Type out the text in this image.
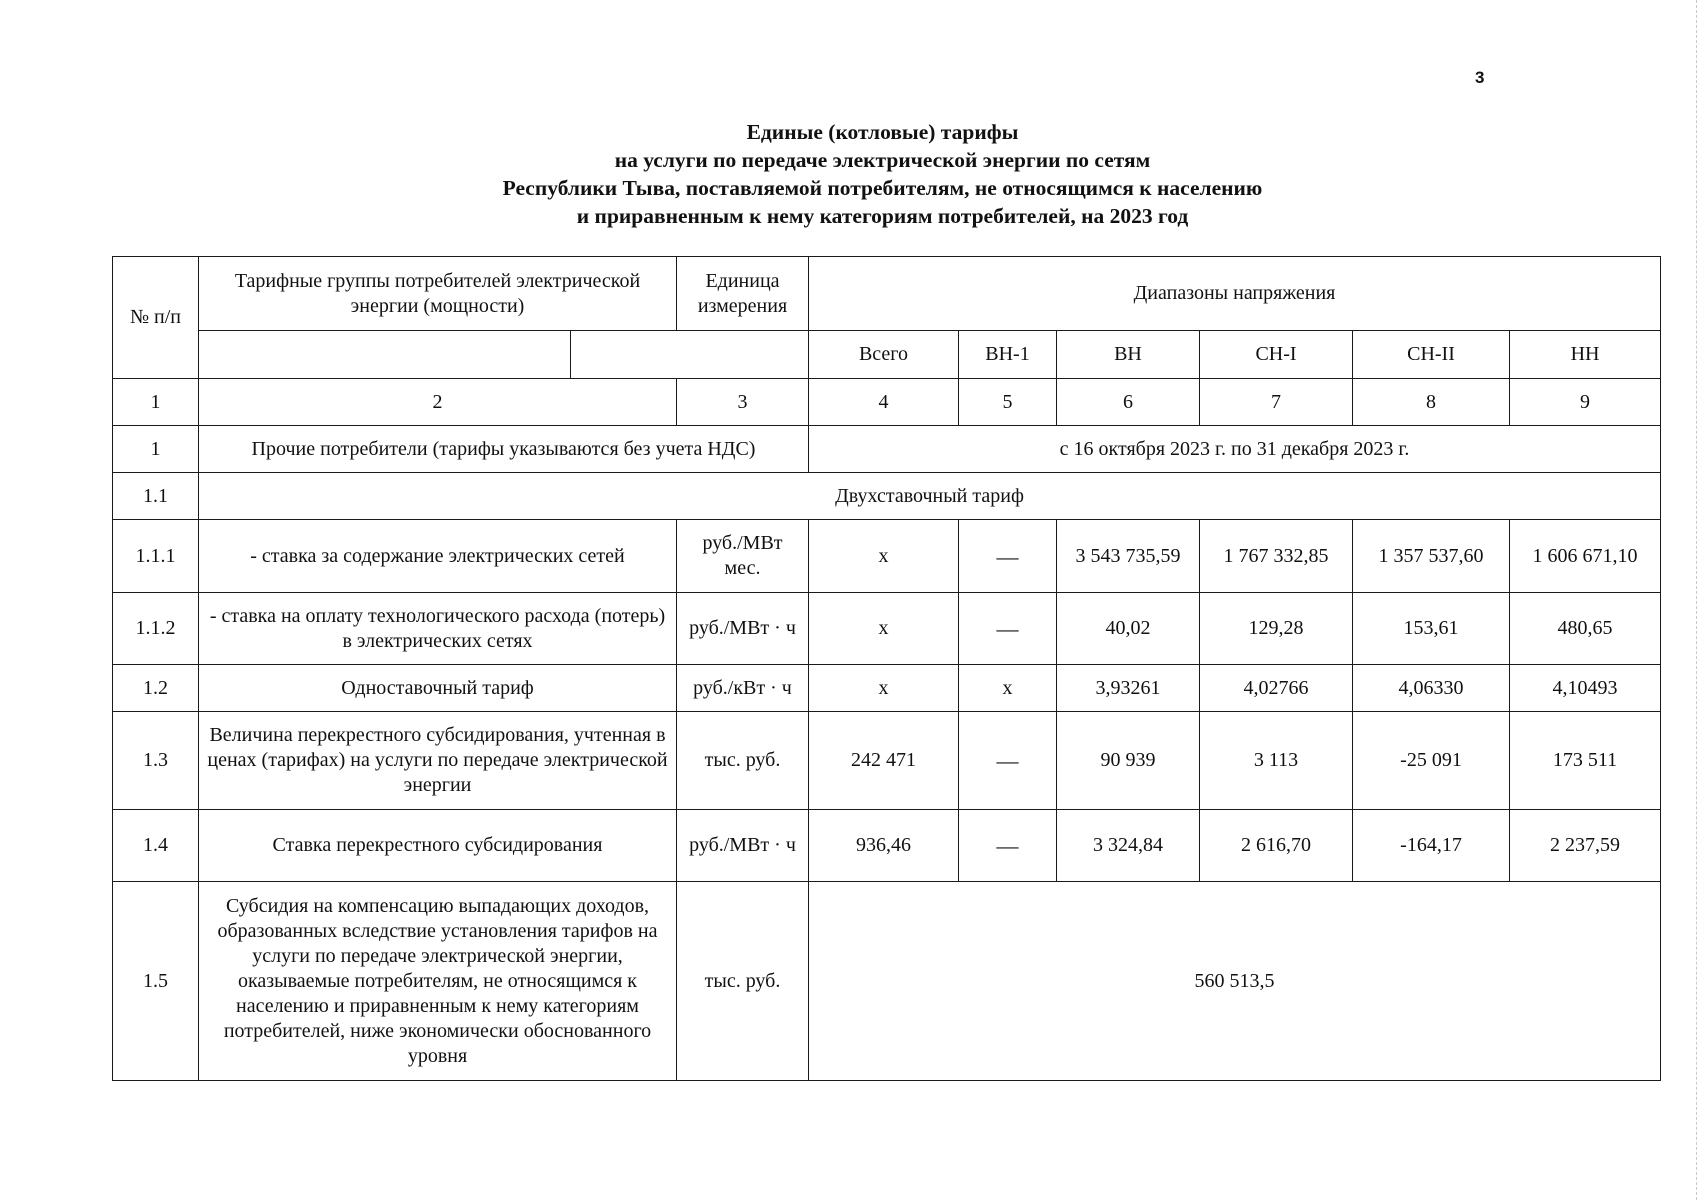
3
Единые (котловые) тарифы
на услуги по передаче электрической энергии по сетям
Республики Тыва, поставляемой потребителям, не относящимся к населению
и приравненным к нему категориям потребителей, на 2023 год
№ п/п	Тарифные группы потребителей электрической энергии (мощности)		Единица измерения	Диапазоны напряжения					
				Всего	ВН-1	ВН	СН-I	СН-II	НН
1	2		3	4	5	6	7	8	9
1	Прочие потребители (тарифы указываются без учета НДС)			с 16 октября 2023 г. по 31 декабря 2023 г.					
1.1	Двухставочный тариф								
1.1.1	- ставка за содержание электрических сетей		руб./МВт мес.	х	—	3 543 735,59	1 767 332,85	1 357 537,60	1 606 671,10
1.1.2	- ставка на оплату технологического расхода (потерь) в электрических сетях		руб./МВт · ч	х	—	40,02	129,28	153,61	480,65
1.2	Одноставочный тариф		руб./кВт · ч	х	х	3,93261	4,02766	4,06330	4,10493
1.3	Величина перекрестного субсидирования, учтенная в ценах (тарифах) на услуги по передаче электрической энергии		тыс. руб.	242 471	—	90 939	3 113	-25 091	173 511
1.4	Ставка перекрестного субсидирования		руб./МВт · ч	936,46	—	3 324,84	2 616,70	-164,17	2 237,59
1.5	Субсидия на компенсацию выпадающих доходов, образованных вследствие установления тарифов на услуги по передаче электрической энергии, оказываемые потребителям, не относящимся к населению и приравненным к нему категориям потребителей, ниже экономически обоснованного уровня		тыс. руб.	560 513,5					
